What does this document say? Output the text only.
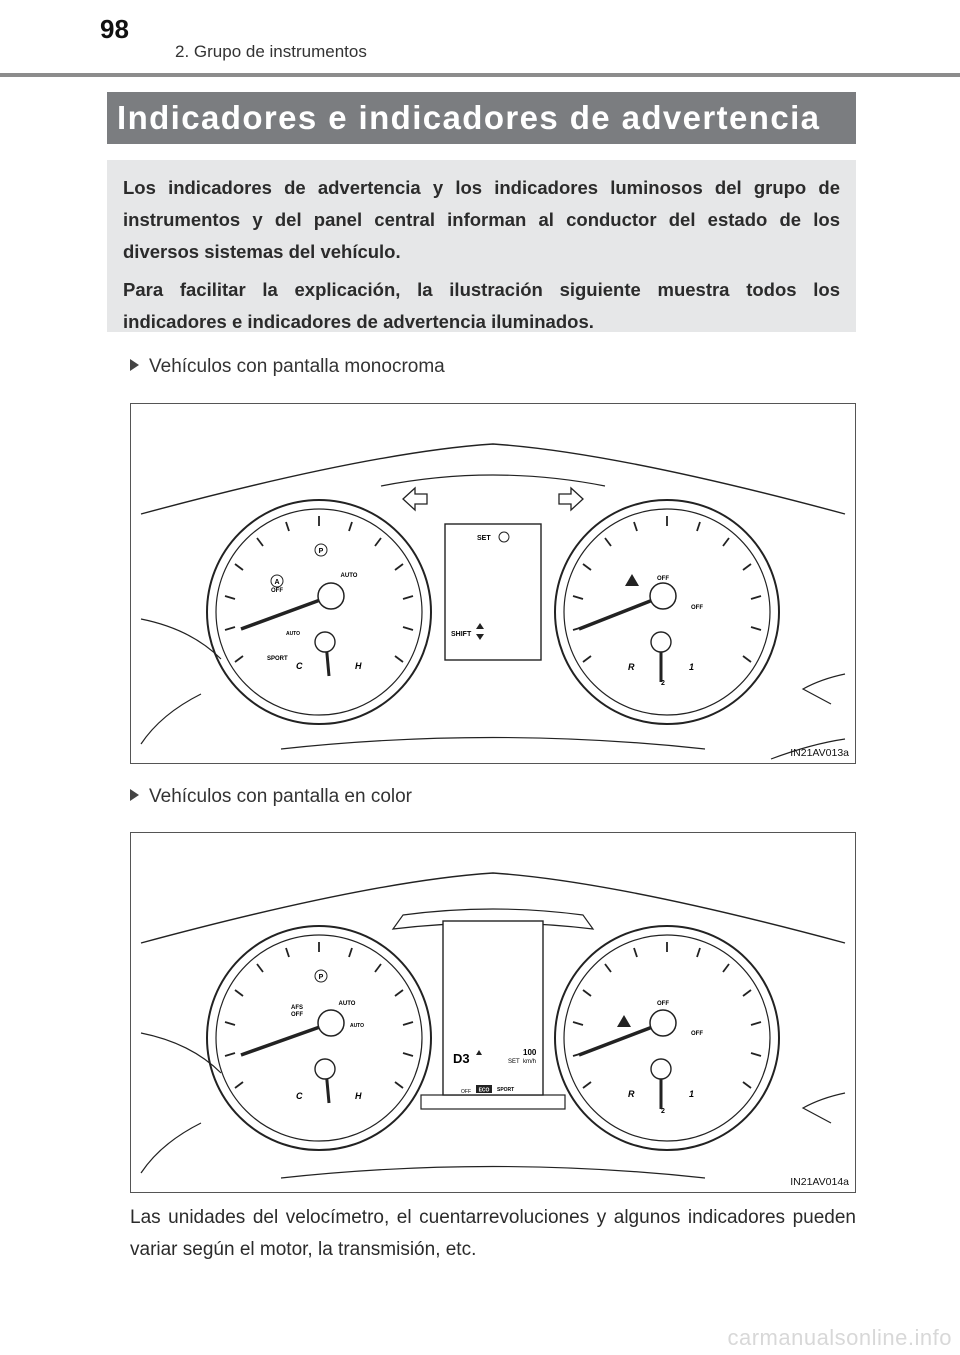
98
2. Grupo de instrumentos
Indicadores e indicadores de advertencia

Los indicadores de advertencia y los indicadores luminosos del grupo de instrumentos y del panel central informan al conductor del estado de los diversos sistemas del vehículo.

Para facilitar la explicación, la ilustración siguiente muestra todos los indicadores e indicadores de advertencia iluminados.

Vehículos con pantalla monocroma
P
A
OFF
AUTO
AUTO
SPORT
C	H
SET
SHIFT
OFF
OFF
R	1
2
IN21AV013a
Vehículos con pantalla en color
D3	100
SET km/h
OFF ECO SPORT
P
AFS
OFF
AUTO
AUTO
C	H
OFF
OFF
R	1
2
IN21AV014a
Las unidades del velocímetro, el cuentarrevoluciones y algunos indicadores pueden variar según el motor, la transmisión, etc.
carmanualsonline.info
